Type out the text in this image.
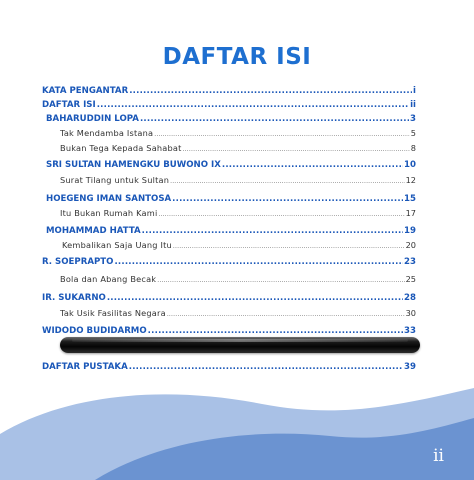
DAFTAR ISI
KATA PENGANTAR .....	i
DAFTAR ISI .....	ii
BAHARUDDIN LOPA .....	3
Tak Mendamba Istana .....	5
Bukan Tega Kepada Sahabat .....	8
SRI SULTAN HAMENGKU BUWONO IX .....	10
Surat Tilang untuk Sultan .....	12
HOEGENG IMAN SANTOSA .....	15
Itu Bukan Rumah Kami .....	17
MOHAMMAD HATTA .....	19
Kembalikan Saja Uang Itu .....	20
R. SOEPRAPTO .....	23
Bola dan Abang Becak .....	25
IR. SUKARNO .....	28
Tak Usik Fasilitas Negara .....	30
WIDODO BUDIDARMO .....	33
DAFTAR PUSTAKA .....	39
ii
